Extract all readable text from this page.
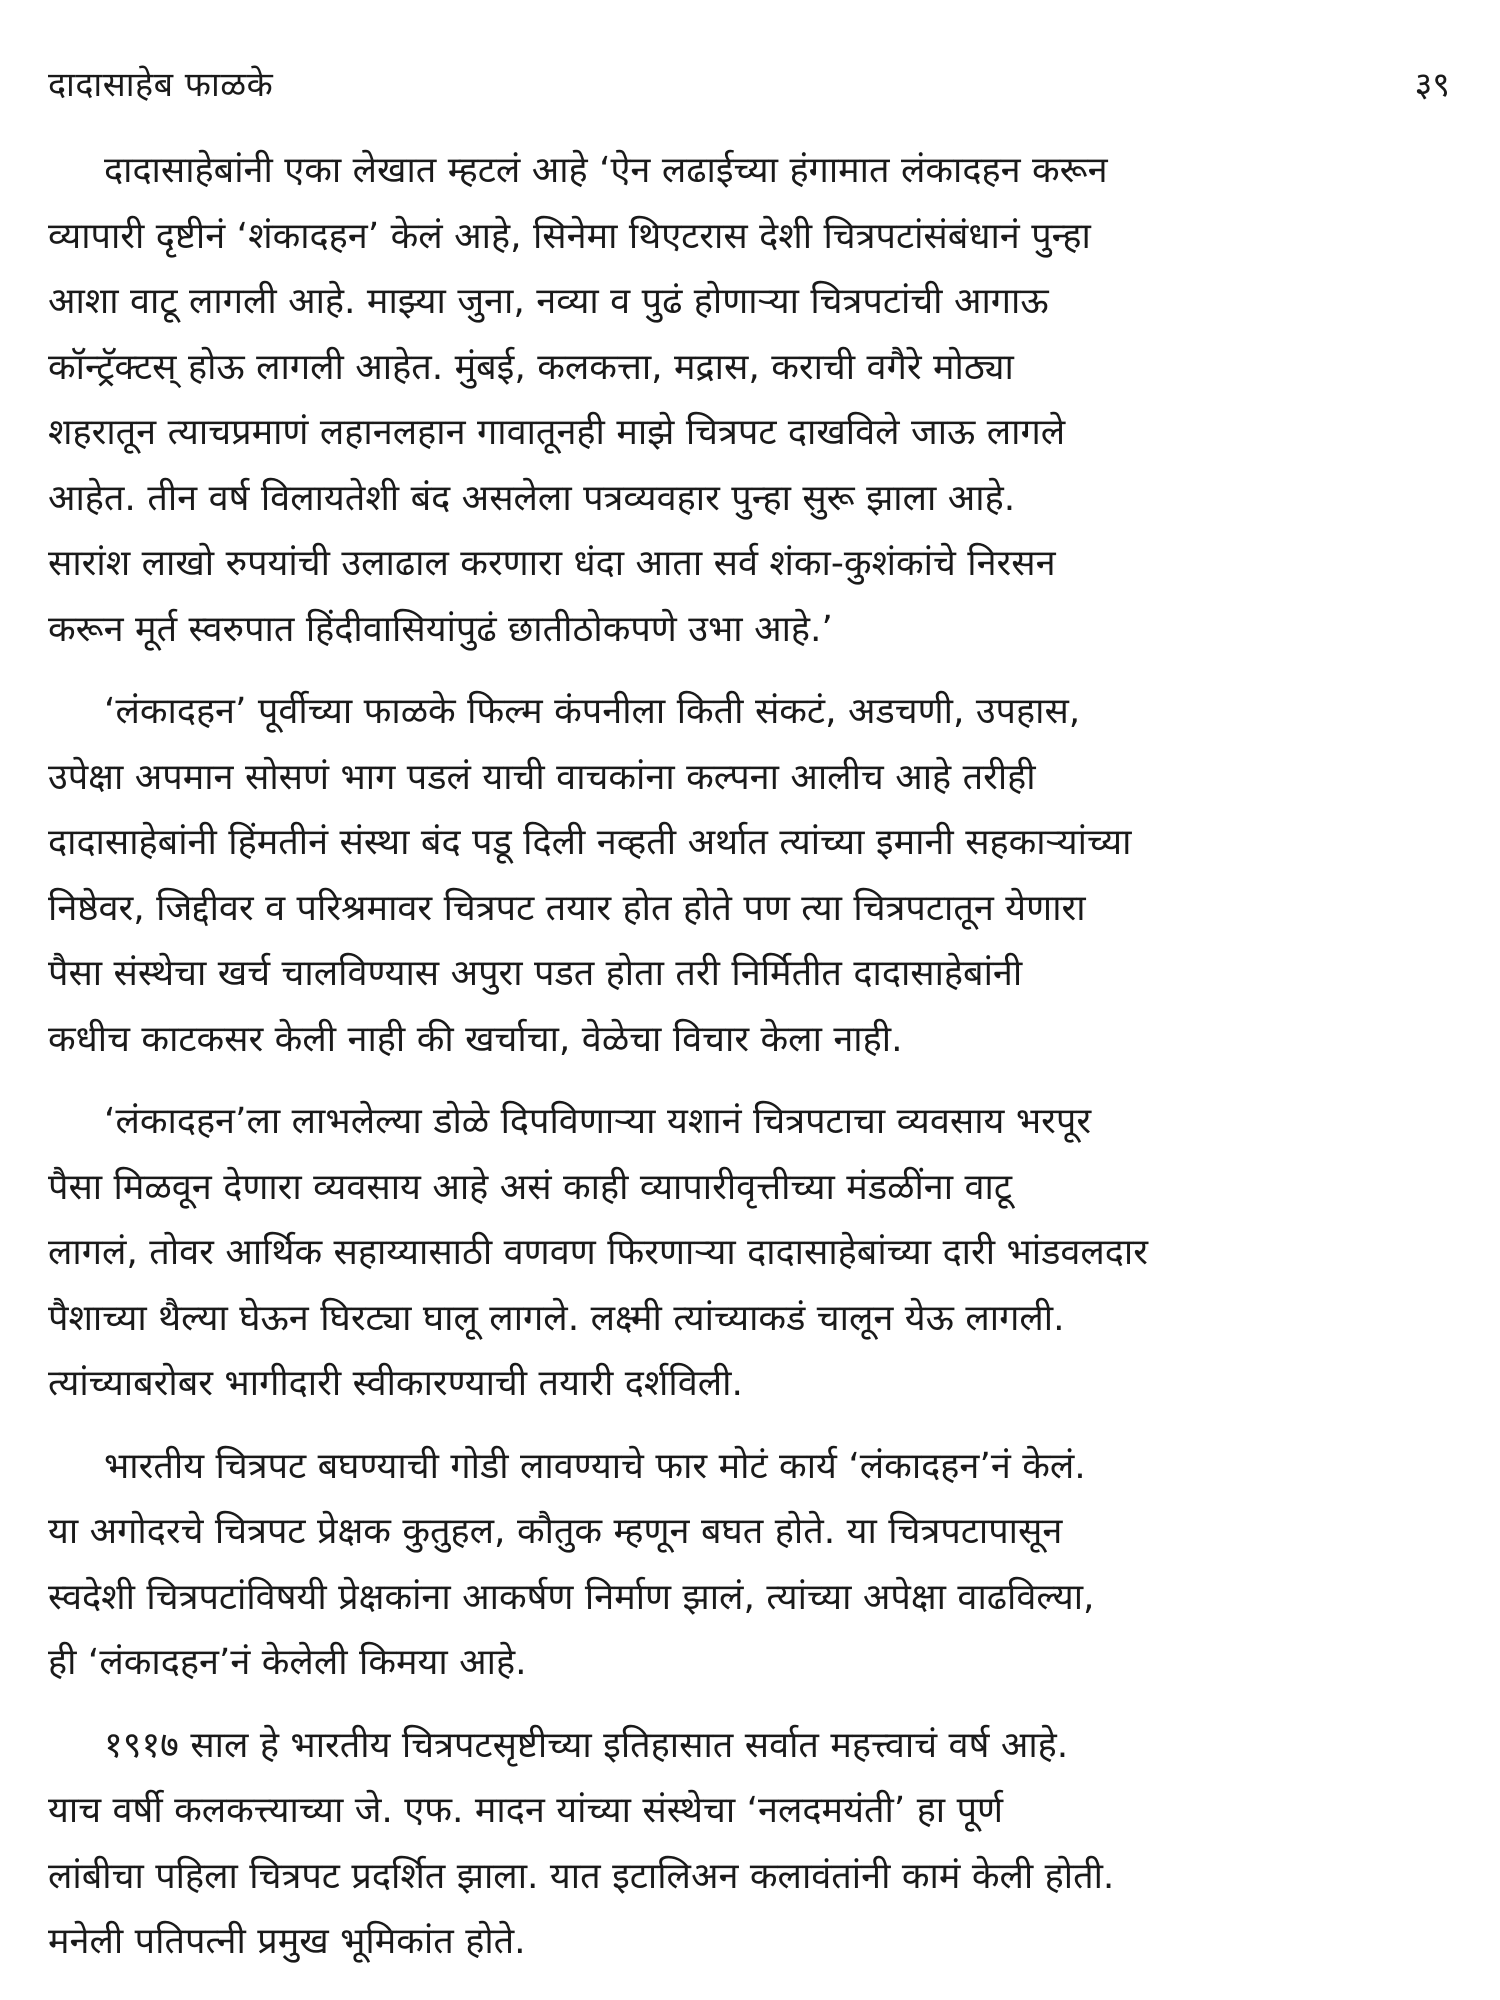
दादासाहेब फाळके	३९
दादासाहेबांनी एका लेखात म्हटलं आहे ‘ऐन लढाईच्या हंगामात लंकादहन करून
व्यापारी दृष्टीनं ‘शंकादहन’ केलं आहे, सिनेमा थिएटरास देशी चित्रपटांसंबंधानं पुन्हा
आशा वाटू लागली आहे. माझ्या जुना, नव्या व पुढं होणाऱ्या चित्रपटांची आगाऊ
कॉन्ट्रॅक्टस् होऊ लागली आहेत. मुंबई, कलकत्ता, मद्रास, कराची वगैरे मोठ्या
शहरातून त्याचप्रमाणं लहानलहान गावातूनही माझे चित्रपट दाखविले जाऊ लागले
आहेत. तीन वर्ष विलायतेशी बंद असलेला पत्रव्यवहार पुन्हा सुरू झाला आहे.
सारांश लाखो रुपयांची उलाढाल करणारा धंदा आता सर्व शंका-कुशंकांचे निरसन
करून मूर्त स्वरुपात हिंदीवासियांपुढं छातीठोकपणे उभा आहे.’
‘लंकादहन’ पूर्वीच्या फाळके फिल्म कंपनीला किती संकटं, अडचणी, उपहास,
उपेक्षा अपमान सोसणं भाग पडलं याची वाचकांना कल्पना आलीच आहे तरीही
दादासाहेबांनी हिंमतीनं संस्था बंद पडू दिली नव्हती अर्थात त्यांच्या इमानी सहकाऱ्यांच्या
निष्ठेवर, जिद्दीवर व परिश्रमावर चित्रपट तयार होत होते पण त्या चित्रपटातून येणारा
पैसा संस्थेचा खर्च चालविण्यास अपुरा पडत होता तरी निर्मितीत दादासाहेबांनी
कधीच काटकसर केली नाही की खर्चाचा, वेळेचा विचार केला नाही.
‘लंकादहन’ला लाभलेल्या डोळे दिपविणाऱ्या यशानं चित्रपटाचा व्यवसाय भरपूर
पैसा मिळवून देणारा व्यवसाय आहे असं काही व्यापारीवृत्तीच्या मंडळींना वाटू
लागलं, तोवर आर्थिक सहाय्यासाठी वणवण फिरणाऱ्या दादासाहेबांच्या दारी भांडवलदार
पैशाच्या थैल्या घेऊन घिरट्या घालू लागले. लक्ष्मी त्यांच्याकडं चालून येऊ लागली.
त्यांच्याबरोबर भागीदारी स्वीकारण्याची तयारी दर्शविली.
भारतीय चित्रपट बघण्याची गोडी लावण्याचे फार मोटं कार्य ‘लंकादहन’नं केलं.
या अगोदरचे चित्रपट प्रेक्षक कुतुहल, कौतुक म्हणून बघत होते. या चित्रपटापासून
स्वदेशी चित्रपटांविषयी प्रेक्षकांना आकर्षण निर्माण झालं, त्यांच्या अपेक्षा वाढविल्या,
ही ‘लंकादहन’नं केलेली किमया आहे.
१९१७ साल हे भारतीय चित्रपटसृष्टीच्या इतिहासात सर्वात महत्त्वाचं वर्ष आहे.
याच वर्षी कलकत्त्याच्या जे. एफ. मादन यांच्या संस्थेचा ‘नलदमयंती’ हा पूर्ण
लांबीचा पहिला चित्रपट प्रदर्शित झाला. यात इटालिअन कलावंतांनी कामं केली होती.
मनेली पतिपत्नी प्रमुख भूमिकांत होते.
